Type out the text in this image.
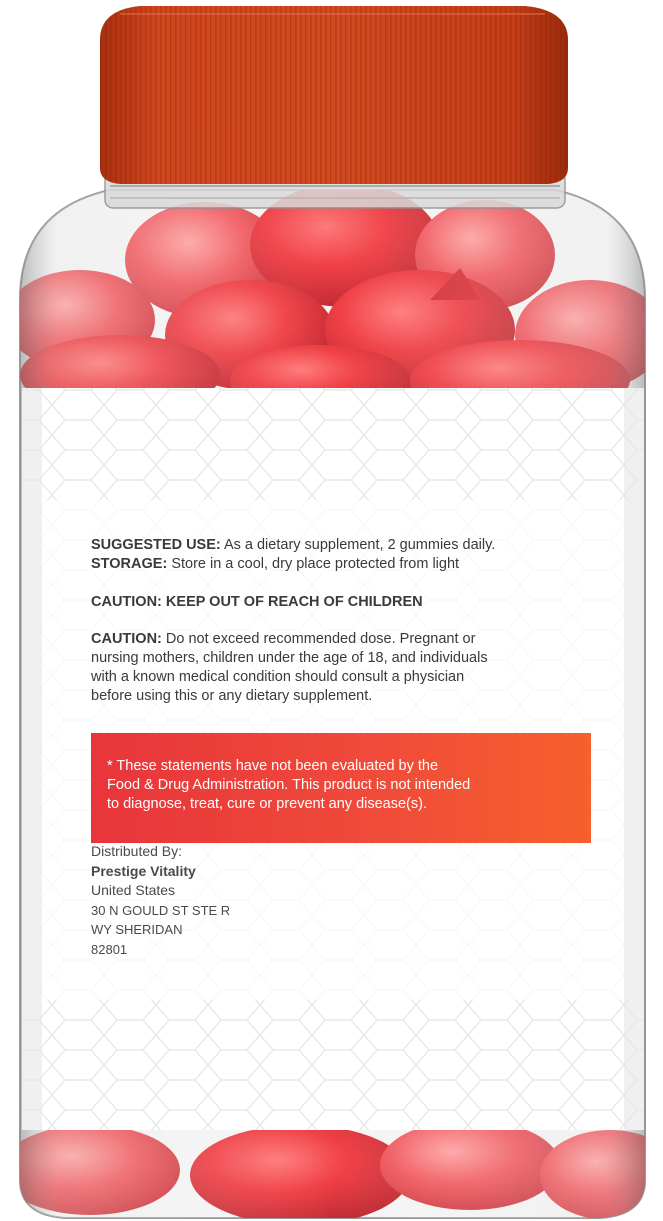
SUGGESTED USE: As a dietary supplement, 2 gummies daily.

STORAGE: Store in a cool, dry place protected from light

CAUTION: KEEP OUT OF REACH OF CHILDREN

CAUTION: Do not exceed recommended dose. Pregnant or

nursing mothers, children under the age of 18, and individuals

with a known medical condition should consult a physician

before using this or any dietary supplement.

* These statements have not been evaluated by the

Food & Drug Administration. This product is not intended

to diagnose, treat, cure or prevent any disease(s).

Distributed By:

Prestige Vitality

United States

30 N GOULD ST STE R

WY SHERIDAN

82801
